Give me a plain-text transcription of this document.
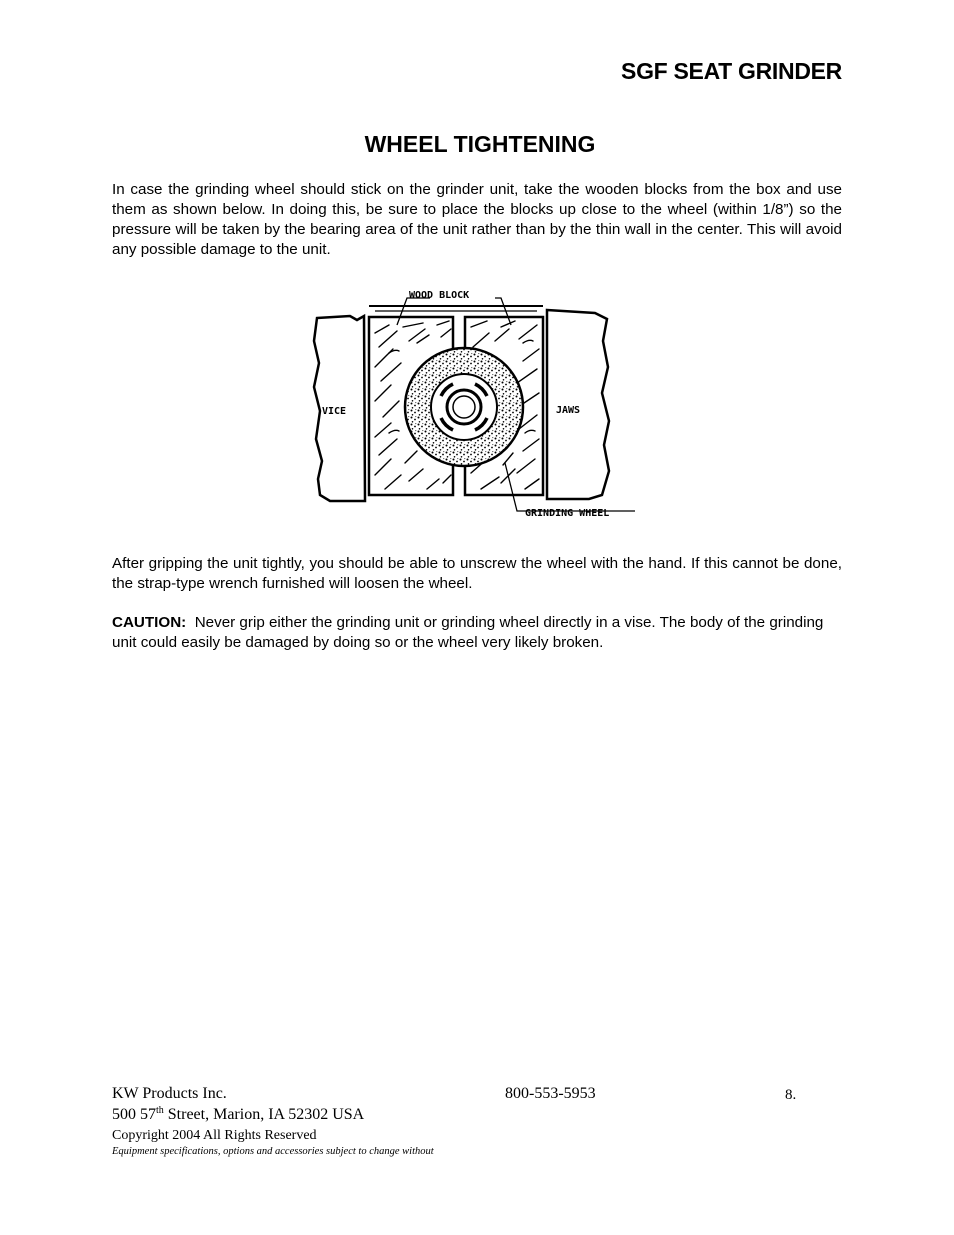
SGF SEAT GRINDER
WHEEL TIGHTENING

In case the grinding wheel should stick on the grinder unit, take the wooden blocks from the box and use them as shown below. In doing this, be sure to place the blocks up close to the wheel (within 1/8”) so the pressure will be taken by the bearing area of the unit rather than by the thin wall in the center. This will avoid any possible damage to the unit.

WOOD BLOCK
VICE	JAWS
GRINDING WHEEL

After gripping the unit tightly, you should be able to unscrew the wheel with the hand. If this cannot be done, the strap-type wrench furnished will loosen the wheel.

CAUTION: Never grip either the grinding unit or grinding wheel directly in a vise. The body of the grinding unit could easily be damaged by doing so or the wheel very likely broken.

KW Products Inc.	800-553-5953	8.
500 57th Street, Marion, IA 52302 USA
Copyright 2004 All Rights Reserved
Equipment specifications, options and accessories subject to change without
